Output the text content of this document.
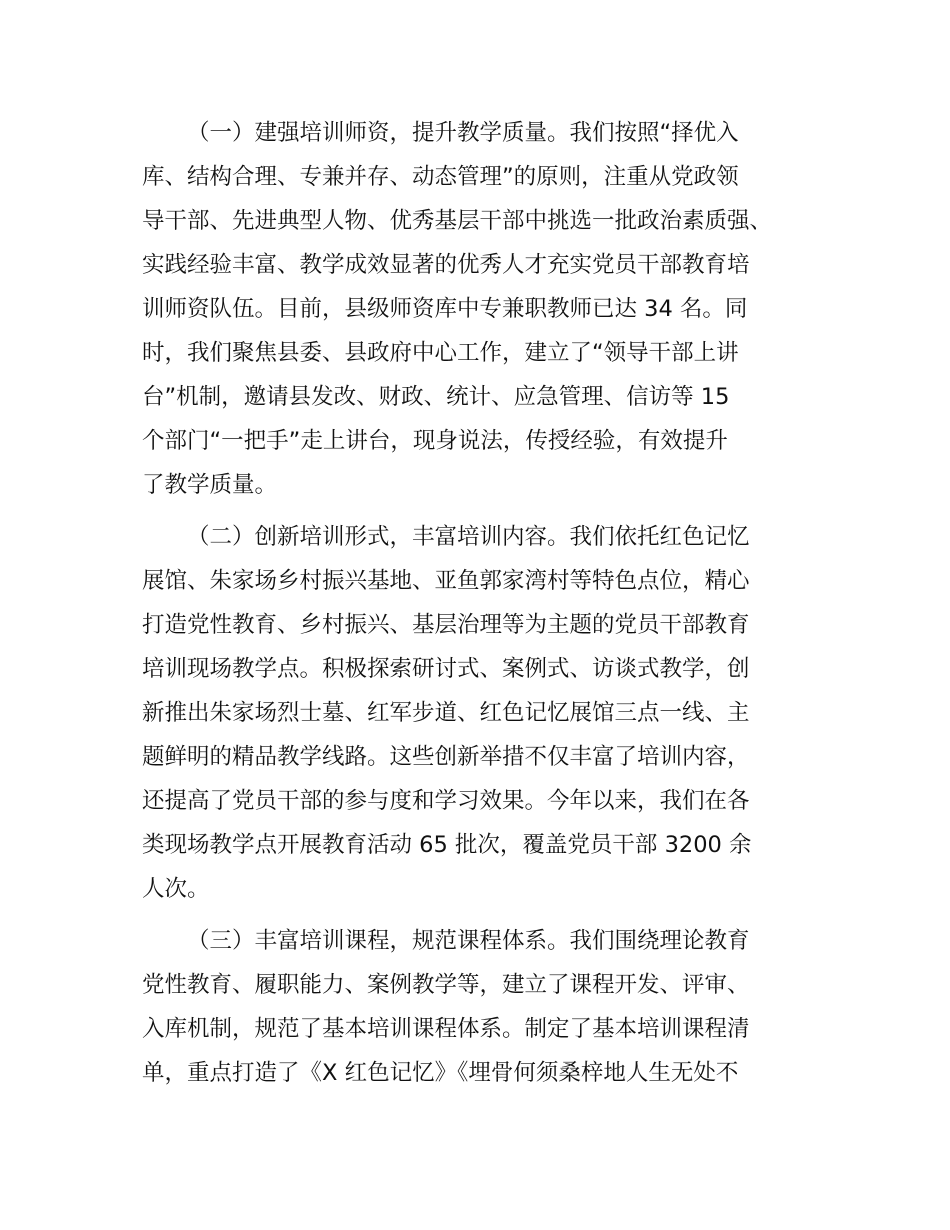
（一）建强培训师资，提升教学质量。我们按照“择优入

库、结构合理、专兼并存、动态管理”的原则，注重从党政领

导干部、先进典型人物、优秀基层干部中挑选一批政治素质强、

实践经验丰富、教学成效显著的优秀人才充实党员干部教育培

训师资队伍。目前，县级师资库中专兼职教师已达 34 名。同

时，我们聚焦县委、县政府中心工作，建立了“领导干部上讲

台”机制，邀请县发改、财政、统计、应急管理、信访等 15

个部门“一把手”走上讲台，现身说法，传授经验，有效提升

了教学质量。

（二）创新培训形式，丰富培训内容。我们依托红色记忆

展馆、朱家场乡村振兴基地、亚鱼郭家湾村等特色点位，精心

打造党性教育、乡村振兴、基层治理等为主题的党员干部教育

培训现场教学点。积极探索研讨式、案例式、访谈式教学，创

新推出朱家场烈士墓、红军步道、红色记忆展馆三点一线、主

题鲜明的精品教学线路。这些创新举措不仅丰富了培训内容，

还提高了党员干部的参与度和学习效果。今年以来，我们在各

类现场教学点开展教育活动 65 批次，覆盖党员干部 3200 余

人次。

（三）丰富培训课程，规范课程体系。我们围绕理论教育

党性教育、履职能力、案例教学等，建立了课程开发、评审、

入库机制，规范了基本培训课程体系。制定了基本培训课程清

单，重点打造了《X 红色记忆》《埋骨何须桑梓地人生无处不
